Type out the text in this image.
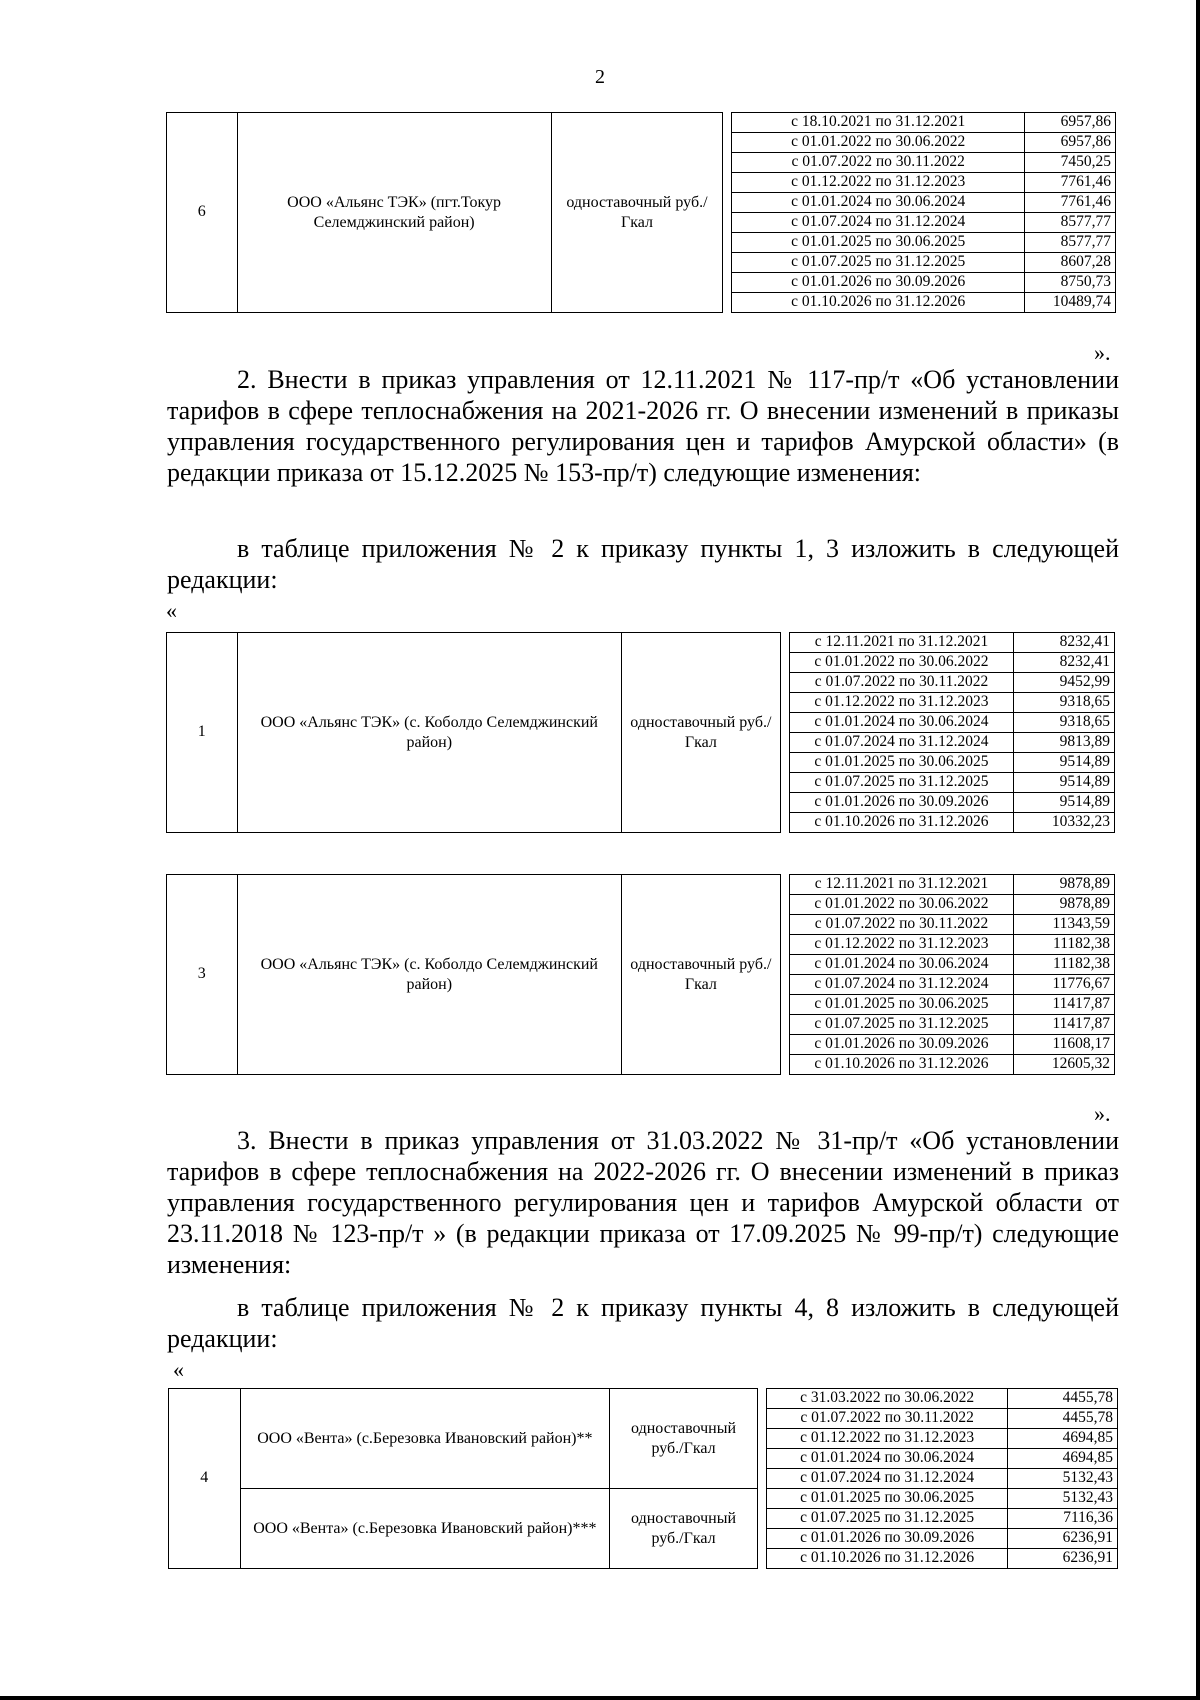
2
6	ООО «Альянс ТЭК» (пгт.Токур Селемджинский район)	одноставочный руб./Гкал		с 18.10.2021 по 31.12.2021	6957,86
				с 01.01.2022 по 30.06.2022	6957,86
				с 01.07.2022 по 30.11.2022	7450,25
				с 01.12.2022 по 31.12.2023	7761,46
				с 01.01.2024 по 30.06.2024	7761,46
				с 01.07.2024 по 31.12.2024	8577,77
				с 01.01.2025 по 30.06.2025	8577,77
				с 01.07.2025 по 31.12.2025	8607,28
				с 01.01.2026 по 30.09.2026	8750,73
				с 01.10.2026 по 31.12.2026	10489,74
».
2. Внести в приказ управления от 12.11.2021 № 117-пр/т «Об установлении тарифов в сфере теплоснабжения на 2021-2026 гг. О внесении изменений в приказы управления государственного регулирования цен и тарифов Амурской области» (в редакции приказа от 15.12.2025 № 153-пр/т) следующие изменения:
в таблице приложения № 2 к приказу пункты 1, 3 изложить в следующей редакции:
«
1	ООО «Альянс ТЭК» (с. Коболдо Селемджинский район)	одноставочный руб./Гкал		с 12.11.2021 по 31.12.2021	8232,41
				с 01.01.2022 по 30.06.2022	8232,41
				с 01.07.2022 по 30.11.2022	9452,99
				с 01.12.2022 по 31.12.2023	9318,65
				с 01.01.2024 по 30.06.2024	9318,65
				с 01.07.2024 по 31.12.2024	9813,89
				с 01.01.2025 по 30.06.2025	9514,89
				с 01.07.2025 по 31.12.2025	9514,89
				с 01.01.2026 по 30.09.2026	9514,89
				с 01.10.2026 по 31.12.2026	10332,23
3	ООО «Альянс ТЭК» (с. Коболдо Селемджинский район)	одноставочный руб./Гкал		с 12.11.2021 по 31.12.2021	9878,89
				с 01.01.2022 по 30.06.2022	9878,89
				с 01.07.2022 по 30.11.2022	11343,59
				с 01.12.2022 по 31.12.2023	11182,38
				с 01.01.2024 по 30.06.2024	11182,38
				с 01.07.2024 по 31.12.2024	11776,67
				с 01.01.2025 по 30.06.2025	11417,87
				с 01.07.2025 по 31.12.2025	11417,87
				с 01.01.2026 по 30.09.2026	11608,17
				с 01.10.2026 по 31.12.2026	12605,32
».
3. Внести в приказ управления от 31.03.2022 № 31-пр/т «Об установлении тарифов в сфере теплоснабжения на 2022-2026 гг. О внесении изменений в приказ управления государственного регулирования цен и тарифов Амурской области от 23.11.2018 № 123-пр/т » (в редакции приказа от 17.09.2025 № 99-пр/т) следующие изменения:
в таблице приложения № 2 к приказу пункты 4, 8 изложить в следующей редакции:
«
4	ООО «Вента» (с.Березовка Ивановский район)**	одноставочный руб./Гкал		с 31.03.2022 по 30.06.2022	4455,78
				с 01.07.2022 по 30.11.2022	4455,78
				с 01.12.2022 по 31.12.2023	4694,85
				с 01.01.2024 по 30.06.2024	4694,85
				с 01.07.2024 по 31.12.2024	5132,43
	ООО «Вента» (с.Березовка Ивановский район)***	одноставочный руб./Гкал		с 01.01.2025 по 30.06.2025	5132,43
				с 01.07.2025 по 31.12.2025	7116,36
				с 01.01.2026 по 30.09.2026	6236,91
				с 01.10.2026 по 31.12.2026	6236,91
